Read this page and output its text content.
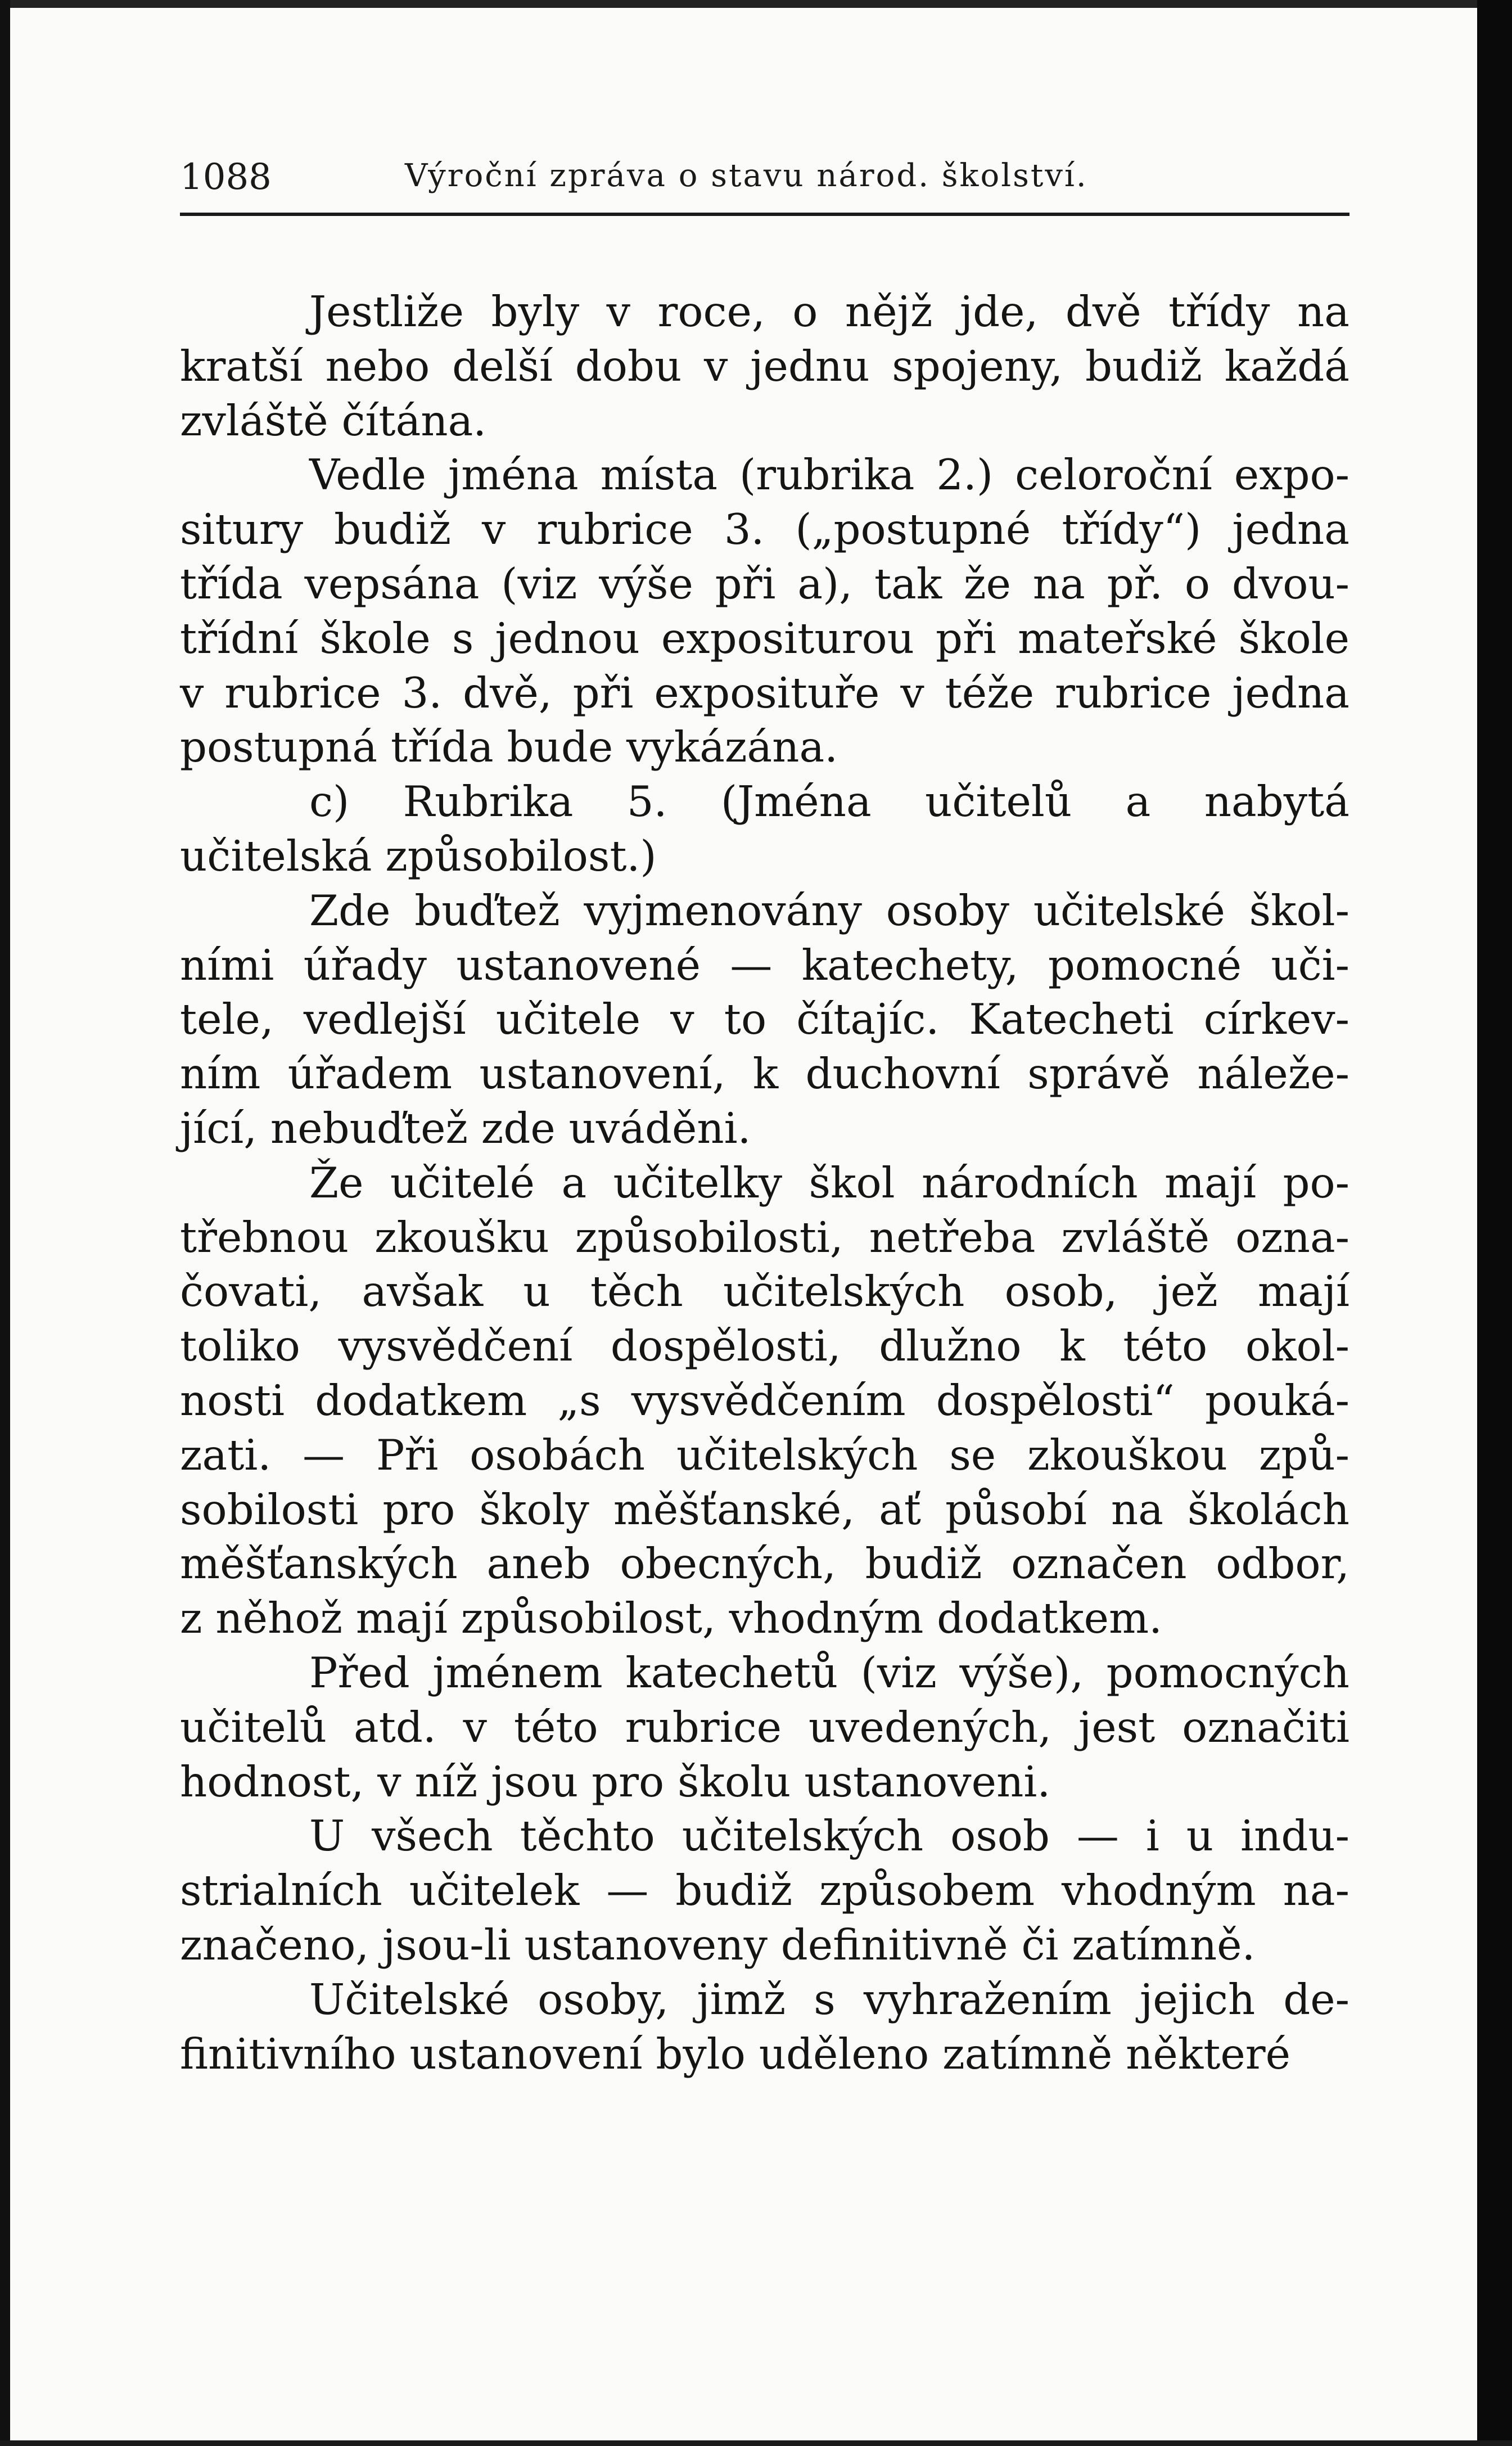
1088	Výroční zpráva o stavu národ. školství.

Jestliže byly v roce, o nějž jde, dvě třídy na
kratší nebo delší dobu v jednu spojeny, budiž každá
zvláště čítána.

Vedle jména místa (rubrika 2.) celoroční expo-
situry budiž v rubrice 3. („postupné třídy“) jedna
třída vepsána (viz výše při a), tak že na př. o dvou-
třídní škole s jednou expositurou při mateřské škole
v rubrice 3. dvě, při exposituře v téže rubrice jedna
postupná třída bude vykázána.

c) Rubrika 5. (Jména učitelů a nabytá
učitelská způsobilost.)

Zde buďtež vyjmenovány osoby učitelské škol-
ními úřady ustanovené — katechety, pomocné uči-
tele, vedlejší učitele v to čítajíc. Katecheti církev-
ním úřadem ustanovení, k duchovní správě náleže-
jící, nebuďtež zde uváděni.

Že učitelé a učitelky škol národních mají po-
třebnou zkoušku způsobilosti, netřeba zvláště ozna-
čovati, avšak u těch učitelských osob, jež mají
toliko vysvědčení dospělosti, dlužno k této okol-
nosti dodatkem „s vysvědčením dospělosti“ pouká-
zati. — Při osobách učitelských se zkouškou způ-
sobilosti pro školy měšťanské, ať působí na školách
měšťanských aneb obecných, budiž označen odbor,
z něhož mají způsobilost, vhodným dodatkem.

Před jménem katechetů (viz výše), pomocných
učitelů atd. v této rubrice uvedených, jest označiti
hodnost, v níž jsou pro školu ustanoveni.

U všech těchto učitelských osob — i u indu-
strialních učitelek — budiž způsobem vhodným na-
značeno, jsou-li ustanoveny definitivně či zatímně.

Učitelské osoby, jimž s vyhražením jejich de-
finitivního ustanovení bylo uděleno zatímně některé
